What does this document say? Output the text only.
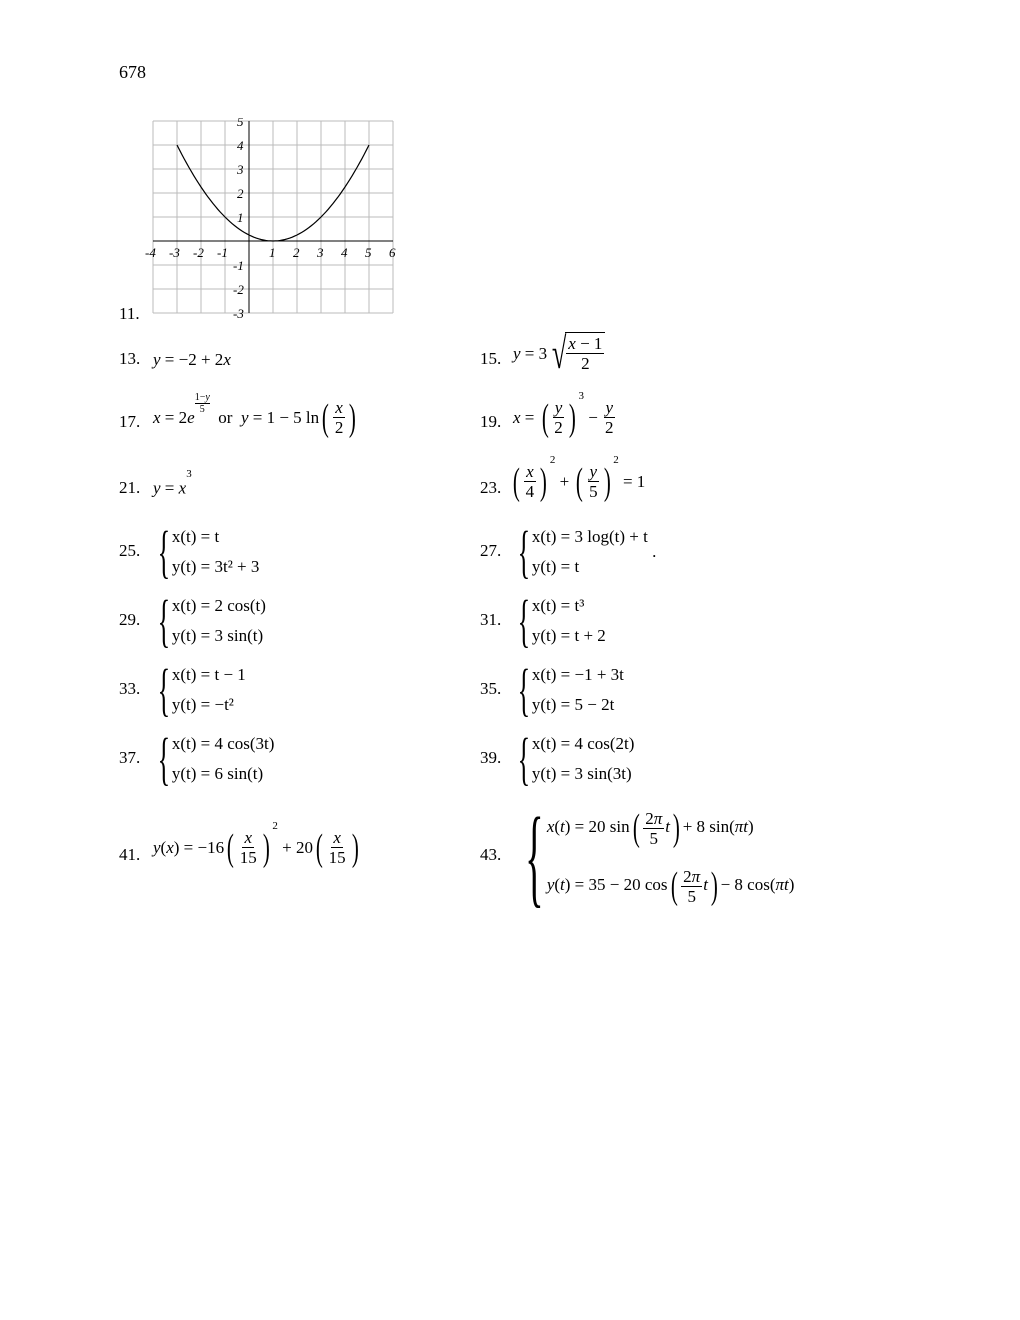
678
11.
-4 -3 -2 -1	1 2 3 4 5 6
5
4
3
2
1
-1
-2
-3
13. y = −2 + 2x	15. y = 3 √ $\frac{x - 1}{2}$
17. x = 2 e
1−y
5
or
y = 1 − 5 ln ( $\frac{x}{2}$ )	19. x = ( $\frac{y}{2}$ )
3
− $\frac{y}{2}$
21. $y = x^3$
23. ( $\frac{x}{4}$ )
2
+ ( $\frac{y}{5}$ )
2
= 1
25. { x(t) = t
y(t) = 3t² + 3
27. { x(t) = 3 log(t) + t
y(t) = t
.
29. { x(t) = 2 cos(t)
y(t) = 3 sin(t)
31. { x(t) = t³
y(t) = t + 2
33. { x(t) = t − 1
y(t) = −t²
35. { x(t) = −1 + 3t
y(t) = 5 − 2t
37. { x(t) = 4 cos(3t)
y(t) = 6 sin(t)
39. { x(t) = 4 cos(2t)
y(t) = 3 sin(3t)
41. y ( x ) = −16 ( $\frac{x}{15}$ )
2
+ 20 ( $\frac{x}{15}$ )	43. { x(t) = 20 $\sin( \frac{2\pi}{5} t) + 8$ sin(πt)
y(t) = 35 − 20 $\cos( \frac{2\pi}{5} t) - 8$ cos(πt)
